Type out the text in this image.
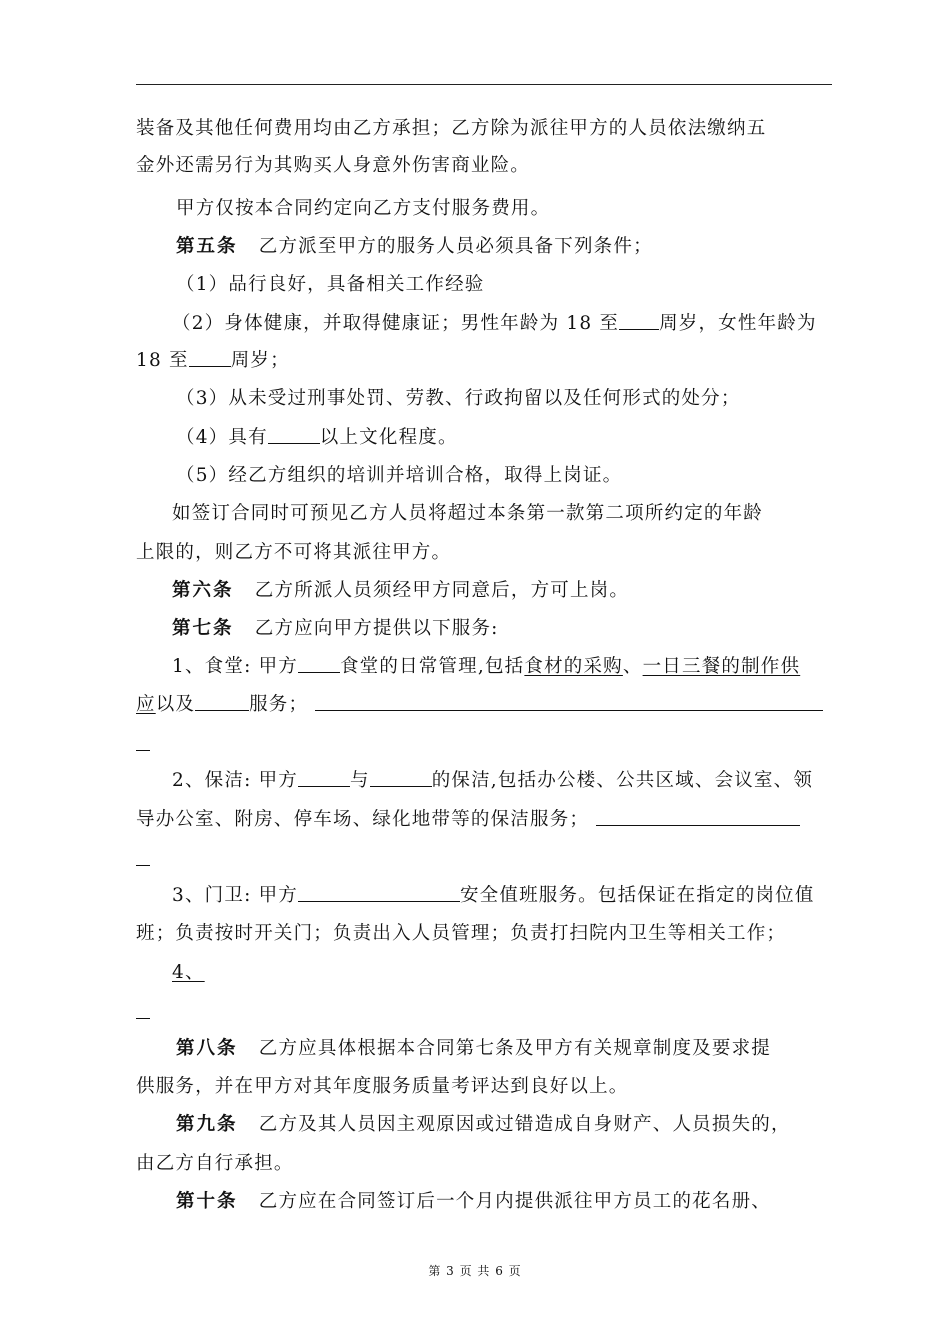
装备及其他任何费用均由乙方承担；乙方除为派往甲方的人员依法缴纳五
金外还需另行为其购买人身意外伤害商业险。
甲方仅按本合同约定向乙方支付服务费用。
第五条 乙方派至甲方的服务人员必须具备下列条件；
（1）品行良好，具备相关工作经验
（2）身体健康，并取得健康证；男性年龄为 18 至 周岁，女性年龄为
18 至 周岁；
（3）从未受过刑事处罚、劳教、行政拘留以及任何形式的处分；
（4）具有	以上文化程度。
（5）经乙方组织的培训并培训合格，取得上岗证。
如签订合同时可预见乙方人员将超过本条第一款第二项所约定的年龄
上限的，则乙方不可将其派往甲方。
第六条 乙方所派人员须经甲方同意后，方可上岗。
第七条 乙方应向甲方提供以下服务:
1、食堂: 甲方 食堂的日常管理,包括食材的采购、一日三餐的制作供
应以及	服务；
2、保洁: 甲方	与	的保洁,包括办公楼、公共区域、会议室、领
导办公室、附房、停车场、绿化地带等的保洁服务；
3、门卫: 甲方	安全值班服务。包括保证在指定的岗位值
班；负责按时开关门；负责出入人员管理；负责打扫院内卫生等相关工作；
4、
第八条 乙方应具体根据本合同第七条及甲方有关规章制度及要求提
供服务，并在甲方对其年度服务质量考评达到良好以上。
第九条 乙方及其人员因主观原因或过错造成自身财产、人员损失的，
由乙方自行承担。
第十条 乙方应在合同签订后一个月内提供派往甲方员工的花名册、
第 3 页 共 6 页
